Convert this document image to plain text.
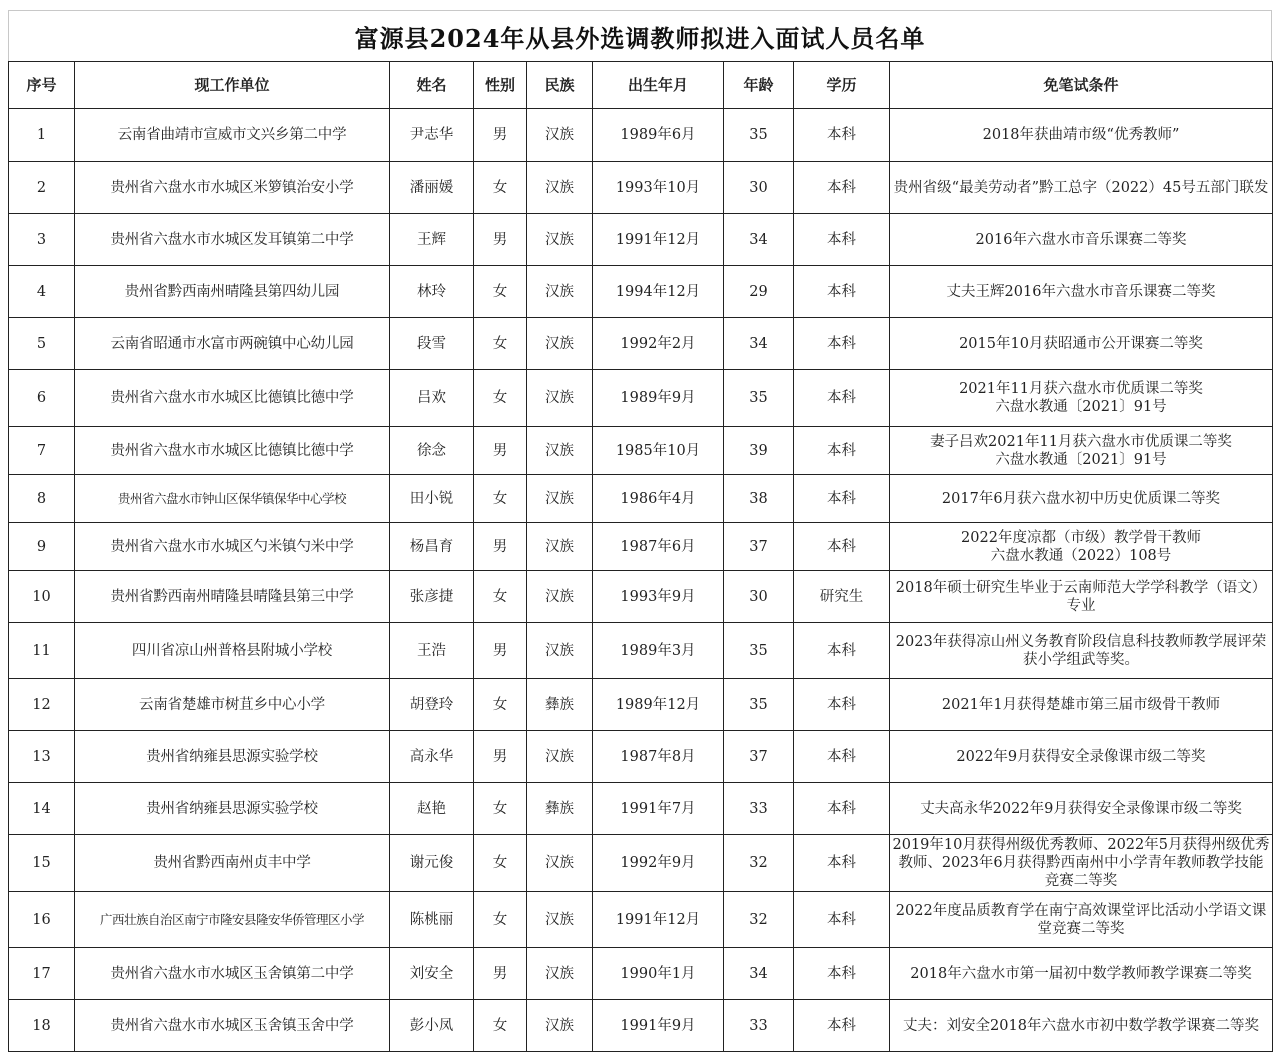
富源县2024年从县外选调教师拟进入面试人员名单
序号	现工作单位	姓名	性别	民族	出生年月	年龄	学历	免笔试条件
1	云南省曲靖市宣威市文兴乡第二中学	尹志华	男	汉族	1989年6月	35	本科	2018年获曲靖市级“优秀教师”
2	贵州省六盘水市水城区米箩镇治安小学	潘丽媛	女	汉族	1993年10月	30	本科	贵州省级“最美劳动者”黔工总字（2022）45号五部门联发
3	贵州省六盘水市水城区发耳镇第二中学	王辉	男	汉族	1991年12月	34	本科	2016年六盘水市音乐课赛二等奖
4	贵州省黔西南州晴隆县第四幼儿园	林玲	女	汉族	1994年12月	29	本科	丈夫王辉2016年六盘水市音乐课赛二等奖
5	云南省昭通市水富市两碗镇中心幼儿园	段雪	女	汉族	1992年2月	34	本科	2015年10月获昭通市公开课赛二等奖
6	贵州省六盘水市水城区比德镇比德中学	吕欢	女	汉族	1989年9月	35	本科	2021年11月获六盘水市优质课二等奖
六盘水教通〔2021〕91号
7	贵州省六盘水市水城区比德镇比德中学	徐念	男	汉族	1985年10月	39	本科	妻子吕欢2021年11月获六盘水市优质课二等奖
六盘水教通〔2021〕91号
8	贵州省六盘水市钟山区保华镇保华中心学校	田小锐	女	汉族	1986年4月	38	本科	2017年6月获六盘水初中历史优质课二等奖
9	贵州省六盘水市水城区勺米镇勺米中学	杨昌育	男	汉族	1987年6月	37	本科	2022年度凉都（市级）教学骨干教师
六盘水教通（2022）108号
10	贵州省黔西南州晴隆县晴隆县第三中学	张彦捷	女	汉族	1993年9月	30	研究生	2018年硕士研究生毕业于云南师范大学学科教学（语文）专业
11	四川省凉山州普格县附城小学校	王浩	男	汉族	1989年3月	35	本科	2023年获得凉山州义务教育阶段信息科技教师教学展评荣获小学组武等奖。
12	云南省楚雄市树苴乡中心小学	胡登玲	女	彝族	1989年12月	35	本科	2021年1月获得楚雄市第三届市级骨干教师
13	贵州省纳雍县思源实验学校	高永华	男	汉族	1987年8月	37	本科	2022年9月获得安全录像课市级二等奖
14	贵州省纳雍县思源实验学校	赵艳	女	彝族	1991年7月	33	本科	丈夫高永华2022年9月获得安全录像课市级二等奖
15	贵州省黔西南州贞丰中学	谢元俊	女	汉族	1992年9月	32	本科	2019年10月获得州级优秀教师、2022年5月获得州级优秀教师、2023年6月获得黔西南州中小学青年教师教学技能竞赛二等奖
16	广西壮族自治区南宁市隆安县隆安华侨管理区小学	陈桃丽	女	汉族	1991年12月	32	本科	2022年度品质教育学在南宁高效课堂评比活动小学语文课堂竞赛二等奖
17	贵州省六盘水市水城区玉舍镇第二中学	刘安全	男	汉族	1990年1月	34	本科	2018年六盘水市第一届初中数学教师教学课赛二等奖
18	贵州省六盘水市水城区玉舍镇玉舍中学	彭小凤	女	汉族	1991年9月	33	本科	丈夫：刘安全2018年六盘水市初中数学教学课赛二等奖
